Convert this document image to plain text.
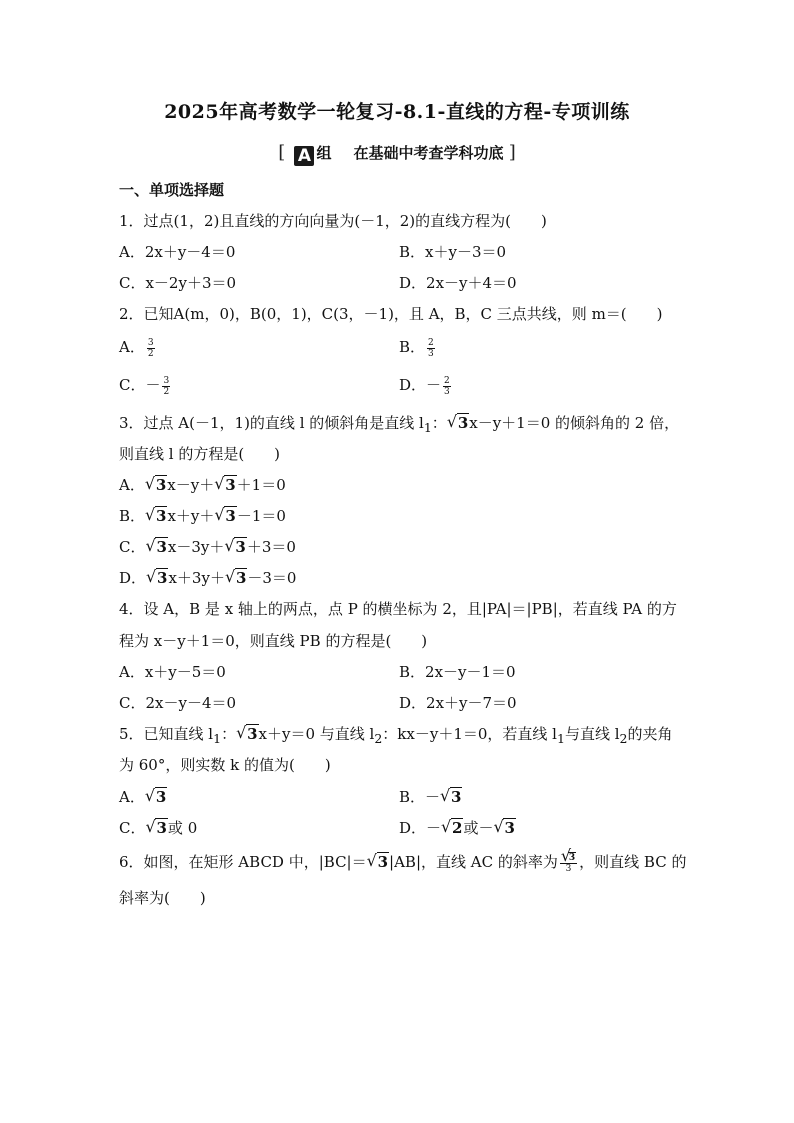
2025年高考数学一轮复习-8.1-直线的方程-专项训练
[ A 组 在基础中考查学科功底 ]
一、单项选择题
1．过点(1，2)且直线的方向向量为(－1，2)的直线方程为(　　)
A．2x＋y－4＝0	B．x＋y－3＝0
C．x－2y＋3＝0	D．2x－y＋4＝0
2．已知A(m，0)，B(0，1)，C(3，－1)，且 A，B，C 三点共线，则 m＝(　　)
A． $\frac{3}{2}$	B． $\frac{2}{3}$
C．－ $\frac{3}{2}$	D．－ $\frac{2}{3}$
3．过点 A(－1，1)的直线 l 的倾斜角是直线 $l_1$： √ 3x－y＋1＝0 的倾斜角的 2 倍，
则直线 l 的方程是(　　)
A． √ 3x－y＋ √ 3＋1＝0
B． √ 3x＋y＋ √ 3－1＝0
C． √ 3x－3y＋ √ 3＋3＝0
D． √ 3x＋3y＋ √ 3－3＝0
4．设 A，B 是 x 轴上的两点，点 P 的横坐标为 2，且|PA|＝|PB|，若直线 PA 的方
程为 x－y＋1＝0，则直线 PB 的方程是(　　)
A．x＋y－5＝0	B．2x－y－1＝0
C．2x－y－4＝0	D．2x＋y－7＝0
5．已知直线 $l_1$： √ 3x＋y＝0 与直线 $l_2$：kx－y＋1＝0，若直线 $l_1$与直线 $l_2$的夹角
为 60°，则实数 k 的值为(　　)
A． √ 3	B．－ √ 3
C． √ 3或 0	D．－ √ 2或－ √ 3
6．如图，在矩形 ABCD 中，|BC|＝ √ 3|AB|，直线 AC 的斜率为 √ $\frac{3}{3}$ ，则直线 BC 的
斜率为(　　)
